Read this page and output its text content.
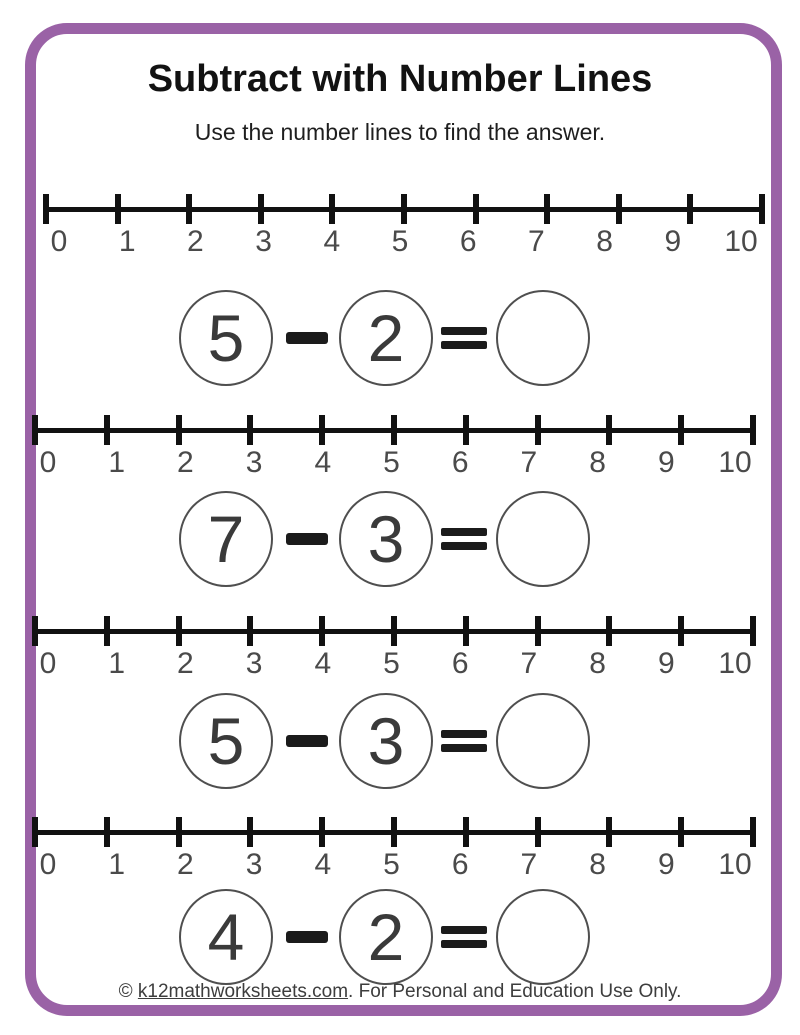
Subtract with Number Lines

Use the number lines to find the answer.

0 1 2 3 4 5 6 7 8 9 10
5	2
0 1 2 3 4 5 6 7 8 9 10
7	3
0 1 2 3 4 5 6 7 8 9 10
5	3
0 1 2 3 4 5 6 7 8 9 10
4	2
© k12mathworksheets.com. For Personal and Education Use Only.
